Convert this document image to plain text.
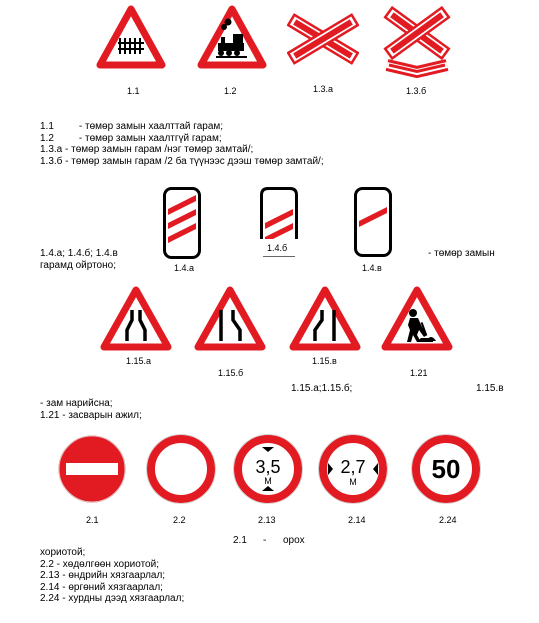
1.1	1.2	1.3.а	1.3.б
1.1	- төмөр замын хаалттай гарам;
1.2	- төмөр замын хаалтгүй гарам;
1.3.а - төмөр замын гарам /нэг төмөр замтай/;
1.3.б - төмөр замын гарам /2 ба түүнээс дээш төмөр замтай/;
1.4.а
1.4.б
1.4.в
1.4.а; 1.4.б; 1.4.в	- төмөр замын
гарамд ойртоно;
1.15.а
1.15.б
1.15.в
1.21
1.15.а;1.15.б;	1.15.в
- зам нарийсна;
1.21 - засварын ажил;
2.1	2.2
3,5
М
2.13
2,7
М
2.14
50
2.24
2.1 - орох
хориотой;
2.2 - хөдөлгөөн хориотой;
2.13 - өндрийн хязгаарлал;
2.14 - өргөний хязгаарлал;
2.24 - хурдны дээд хязгаарлал;
